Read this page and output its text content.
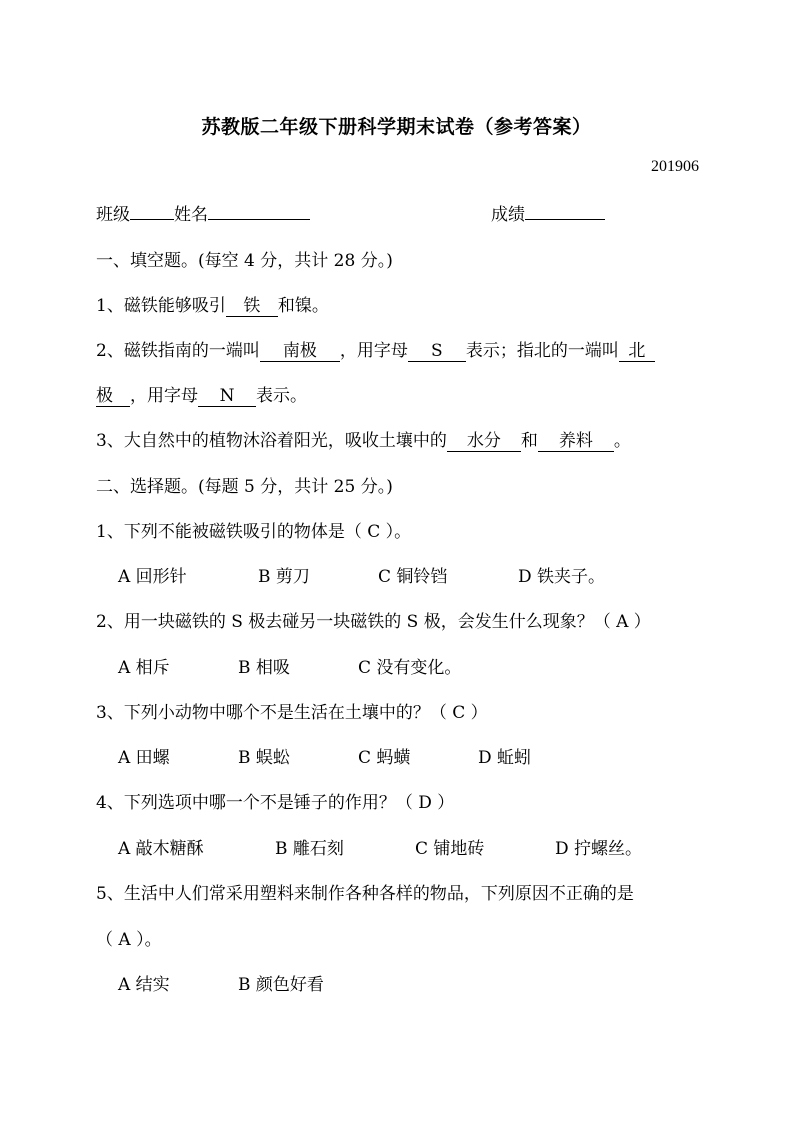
苏教版二年级下册科学期末试卷（参考答案）
201906
班级	姓名	成绩
一、填空题。(每空 4 分，共计 28 分。)
1、磁铁能够吸引 铁 和镍。
2、磁铁指南的一端叫 南极 ，用字母 S 表示；指北的一端叫 北
极 ，用字母 N 表示。
3、大自然中的植物沐浴着阳光，吸收土壤中的 水分 和 养料 。
二、选择题。(每题 5 分，共计 25 分。)
1、下列不能被磁铁吸引的物体是（ C ）。
A 回形针	B 剪刀	C 铜铃铛	D 铁夹子。
2、用一块磁铁的 S 极去碰另一块磁铁的 S 极，会发生什么现象？（ A ）
A 相斥	B 相吸	C 没有变化。
3、下列小动物中哪个不是生活在土壤中的？（ C ）
A 田螺	B 蜈蚣	C 蚂蟥	D 蚯蚓
4、下列选项中哪一个不是锤子的作用？（ D ）
A 敲木糖酥	B 雕石刻	C 铺地砖	D 拧螺丝。
5、生活中人们常采用塑料来制作各种各样的物品，下列原因不正确的是
（ A ）。
A 结实	B 颜色好看
